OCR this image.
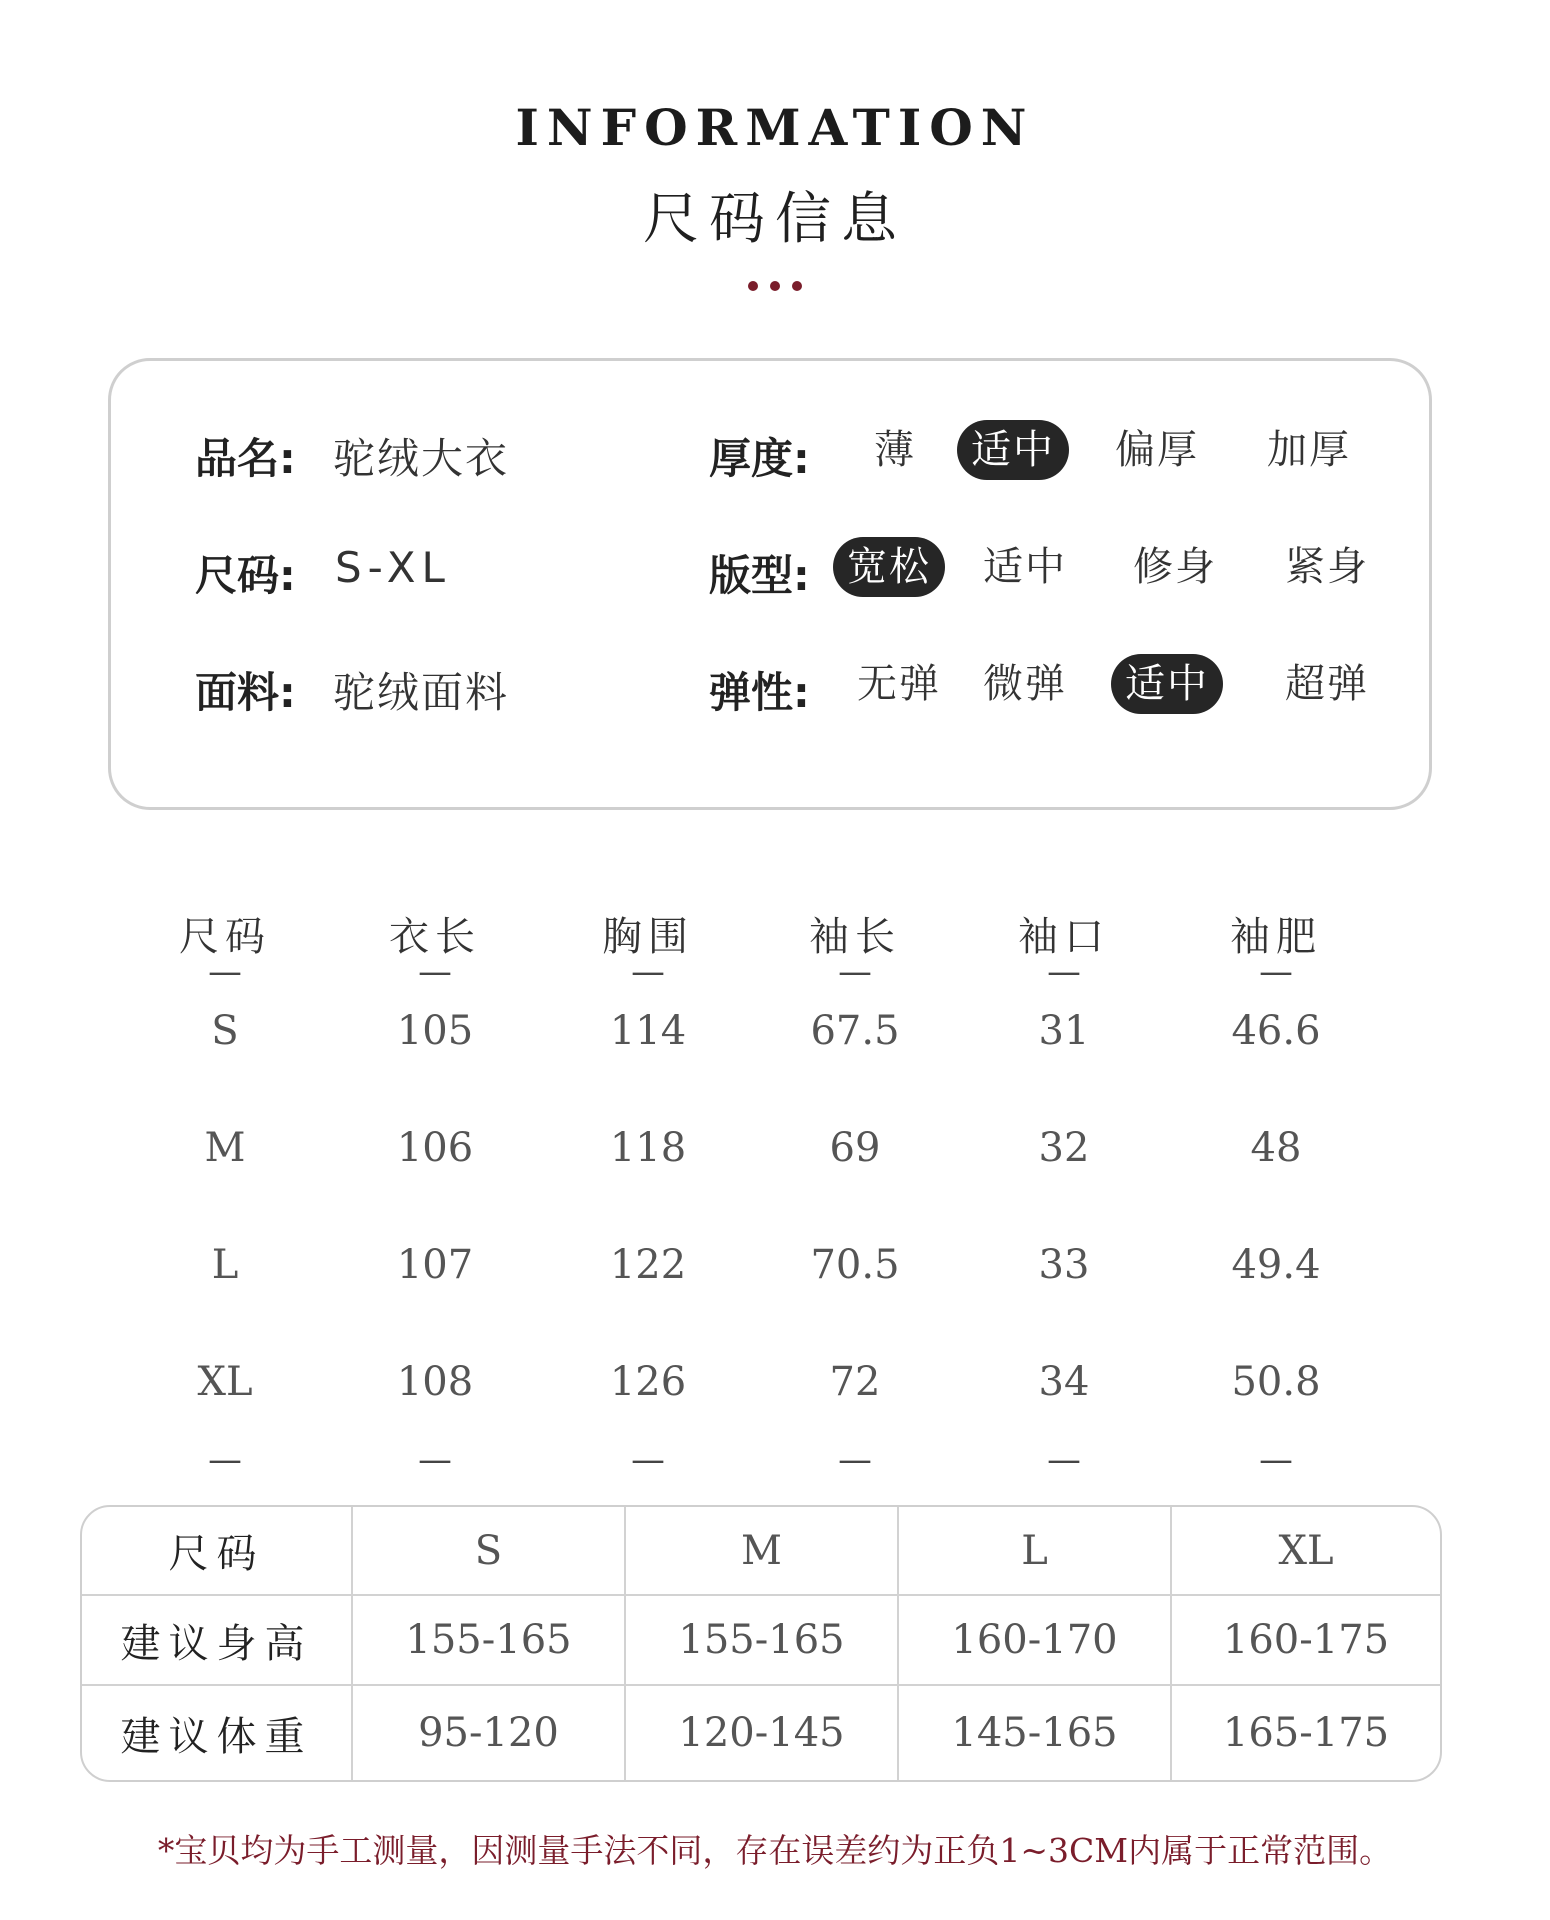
INFORMATION
尺码信息
品名: 驼绒大衣	厚度:	薄	适中	偏厚	加厚
尺码: S-XL	版型: 宽松	适中	修身	紧身
面料: 驼绒面料	弹性:	无弹	微弹	适中	超弹
尺码	衣长	胸围	袖长	袖口	袖肥
—	—	—	—	—	—
S	105	114	67.5	31	46.6
M	106	118	69	32	48
L	107	122	70.5	33	49.4
XL	108	126	72	34	50.8
—	—	—	—	—	—
尺码	S	M	L	XL
建议身高	155-165	155-165	160-170	160-175
建议体重	95-120	120-145	145-165	165-175
*宝贝均为手工测量，因测量手法不同，存在误差约为正负1~3CM内属于正常范围。
